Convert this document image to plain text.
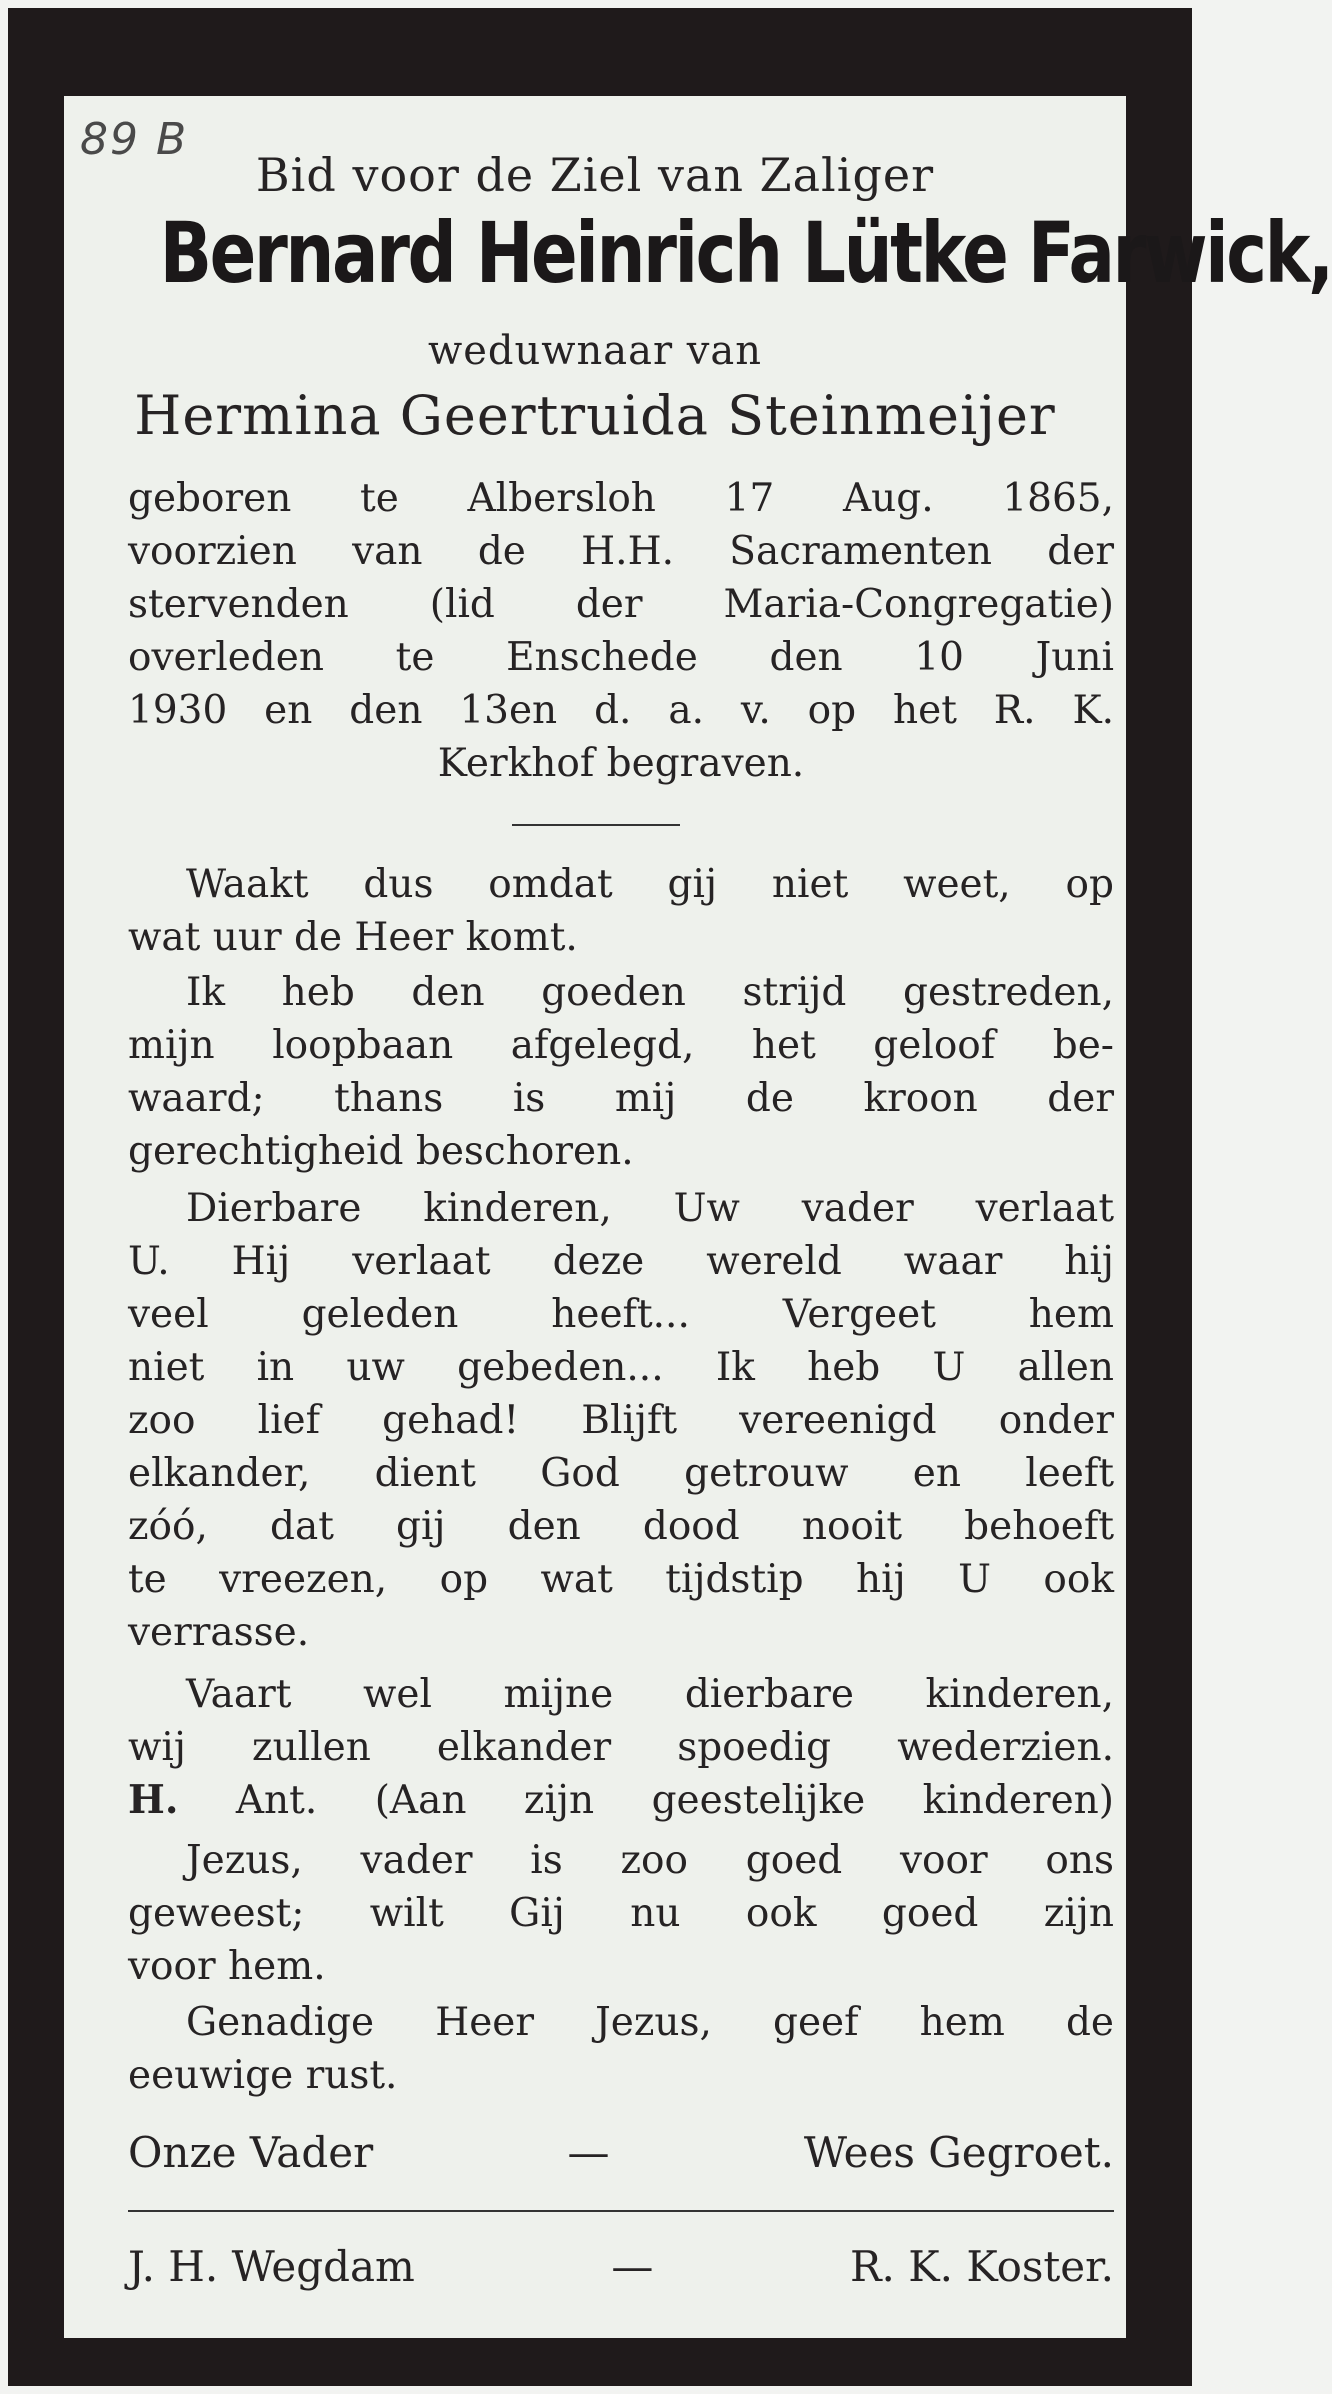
89 B
Bid voor de Ziel van Zaliger
Bernard Heinrich Lütke Farwick,
weduwnaar van
Hermina Geertruida Steinmeijer
geboren te Albersloh 17 Aug. 1865,
voorzien van de H.H. Sacramenten der
stervenden (lid der Maria-Congregatie)
overleden te Enschede den 10 Juni
1930 en den 13en d. a. v. op het R. K.
Kerkhof begraven.
Waakt dus omdat gij niet weet, op
wat uur de Heer komt.
Ik heb den goeden strijd gestreden,
mijn loopbaan afgelegd, het geloof be-
waard; thans is mij de kroon der
gerechtigheid beschoren.
Dierbare kinderen, Uw vader verlaat
U. Hij verlaat deze wereld waar hij
veel geleden heeft... Vergeet hem
niet in uw gebeden... Ik heb U allen
zoo lief gehad! Blijft vereenigd onder
elkander, dient God getrouw en leeft
zóó, dat gij den dood nooit behoeft
te vreezen, op wat tijdstip hij U ook
verrasse.
Vaart wel mijne dierbare kinderen,
wij zullen elkander spoedig wederzien.
H. Ant. (Aan zijn geestelijke kinderen)
Jezus, vader is zoo goed voor ons
geweest; wilt Gij nu ook goed zijn
voor hem.
Genadige Heer Jezus, geef hem de
eeuwige rust.
Onze Vader	—	Wees Gegroet.
J. H. Wegdam	—	R. K. Koster.
